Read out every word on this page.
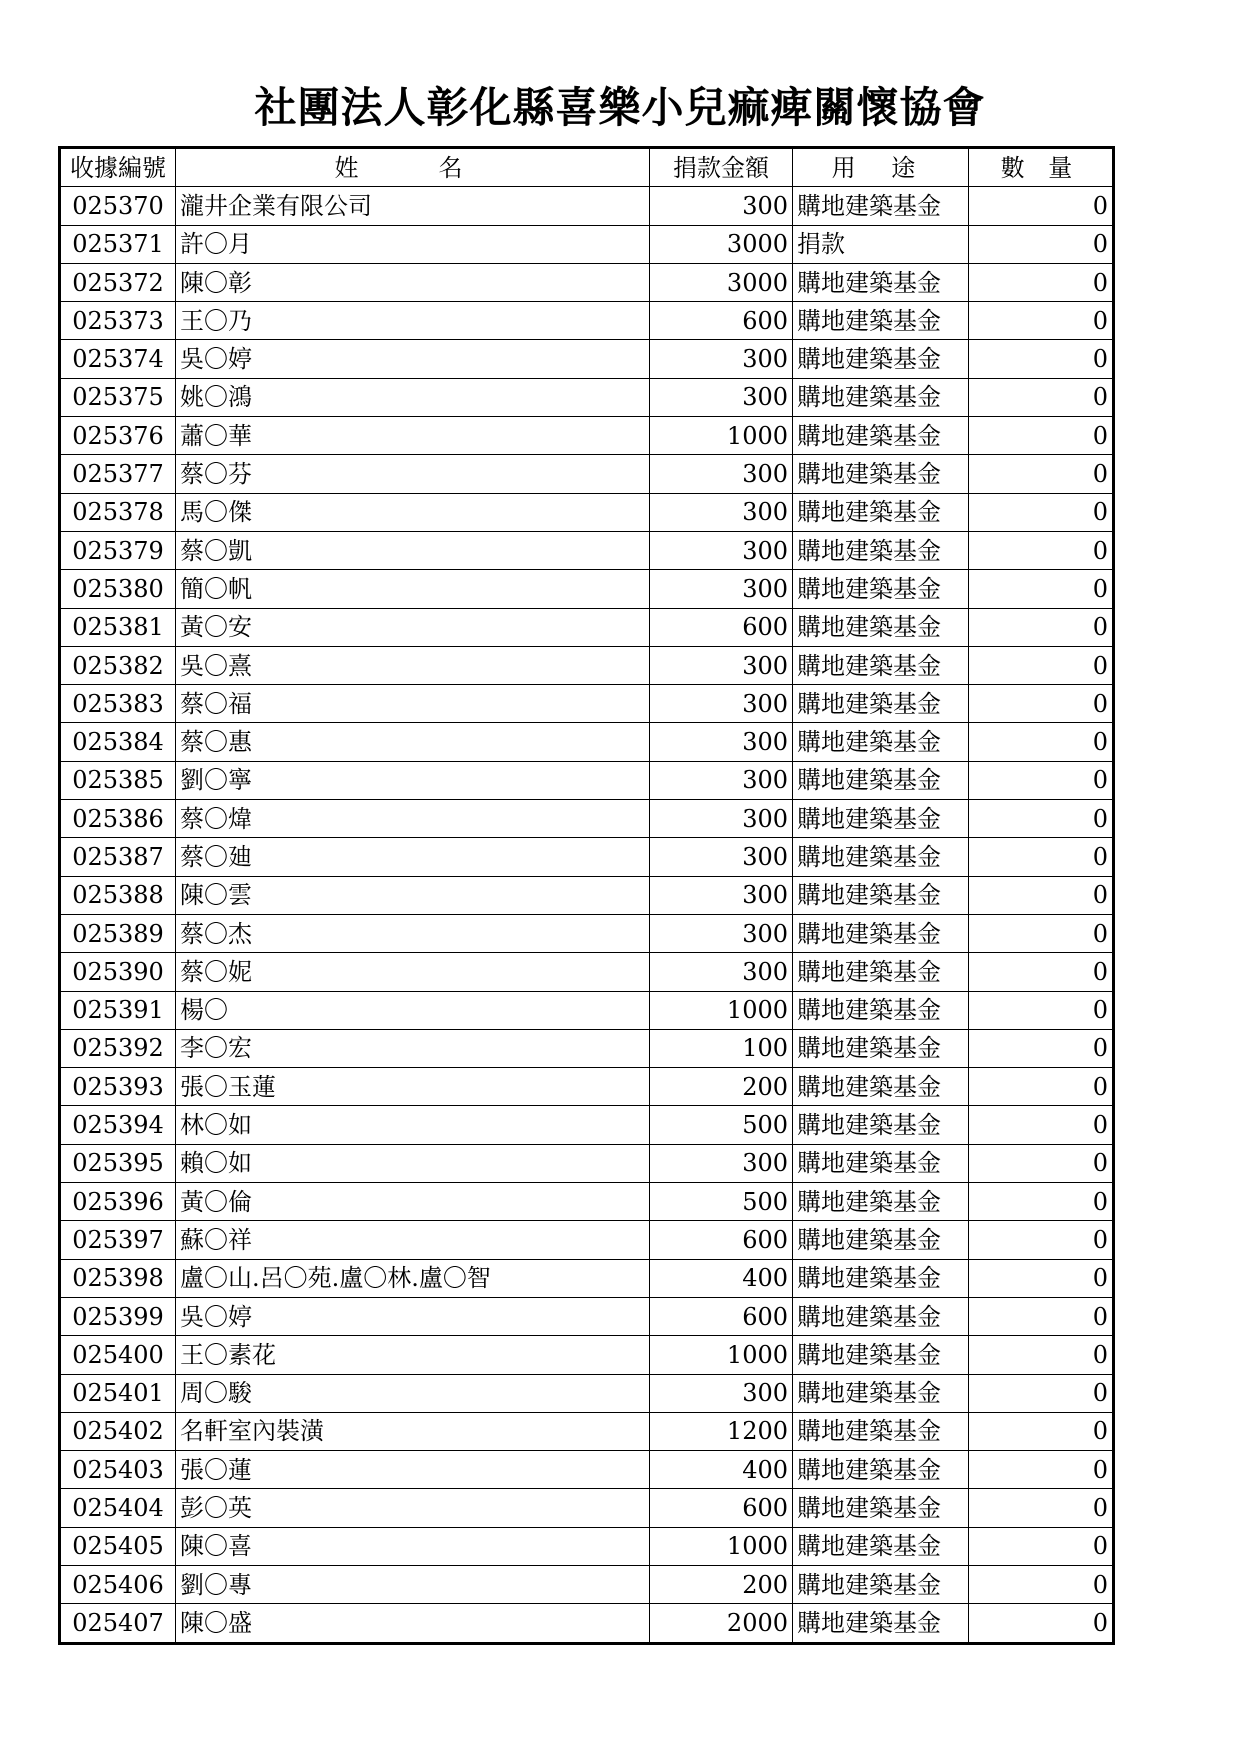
社團法人彰化縣喜樂小兒痲痺關懷協會
收據編號	姓　名	捐款金額	用 途	數 量
025370	瀧井企業有限公司	300	購地建築基金	0
025371	許〇月	3000	捐款	0
025372	陳〇彰	3000	購地建築基金	0
025373	王〇乃	600	購地建築基金	0
025374	吳〇婷	300	購地建築基金	0
025375	姚〇鴻	300	購地建築基金	0
025376	蕭〇華	1000	購地建築基金	0
025377	蔡〇芬	300	購地建築基金	0
025378	馬〇傑	300	購地建築基金	0
025379	蔡〇凱	300	購地建築基金	0
025380	簡〇帆	300	購地建築基金	0
025381	黃〇安	600	購地建築基金	0
025382	吳〇熹	300	購地建築基金	0
025383	蔡〇福	300	購地建築基金	0
025384	蔡〇惠	300	購地建築基金	0
025385	劉〇寧	300	購地建築基金	0
025386	蔡〇煒	300	購地建築基金	0
025387	蔡〇廸	300	購地建築基金	0
025388	陳〇雲	300	購地建築基金	0
025389	蔡〇杰	300	購地建築基金	0
025390	蔡〇妮	300	購地建築基金	0
025391	楊〇	1000	購地建築基金	0
025392	李〇宏	100	購地建築基金	0
025393	張〇玉蓮	200	購地建築基金	0
025394	林〇如	500	購地建築基金	0
025395	賴〇如	300	購地建築基金	0
025396	黃〇倫	500	購地建築基金	0
025397	蘇〇祥	600	購地建築基金	0
025398	盧〇山.呂〇苑.盧〇林.盧〇智	400	購地建築基金	0
025399	吳〇婷	600	購地建築基金	0
025400	王〇素花	1000	購地建築基金	0
025401	周〇駿	300	購地建築基金	0
025402	名軒室內裝潢	1200	購地建築基金	0
025403	張〇蓮	400	購地建築基金	0
025404	彭〇英	600	購地建築基金	0
025405	陳〇喜	1000	購地建築基金	0
025406	劉〇專	200	購地建築基金	0
025407	陳〇盛	2000	購地建築基金	0
